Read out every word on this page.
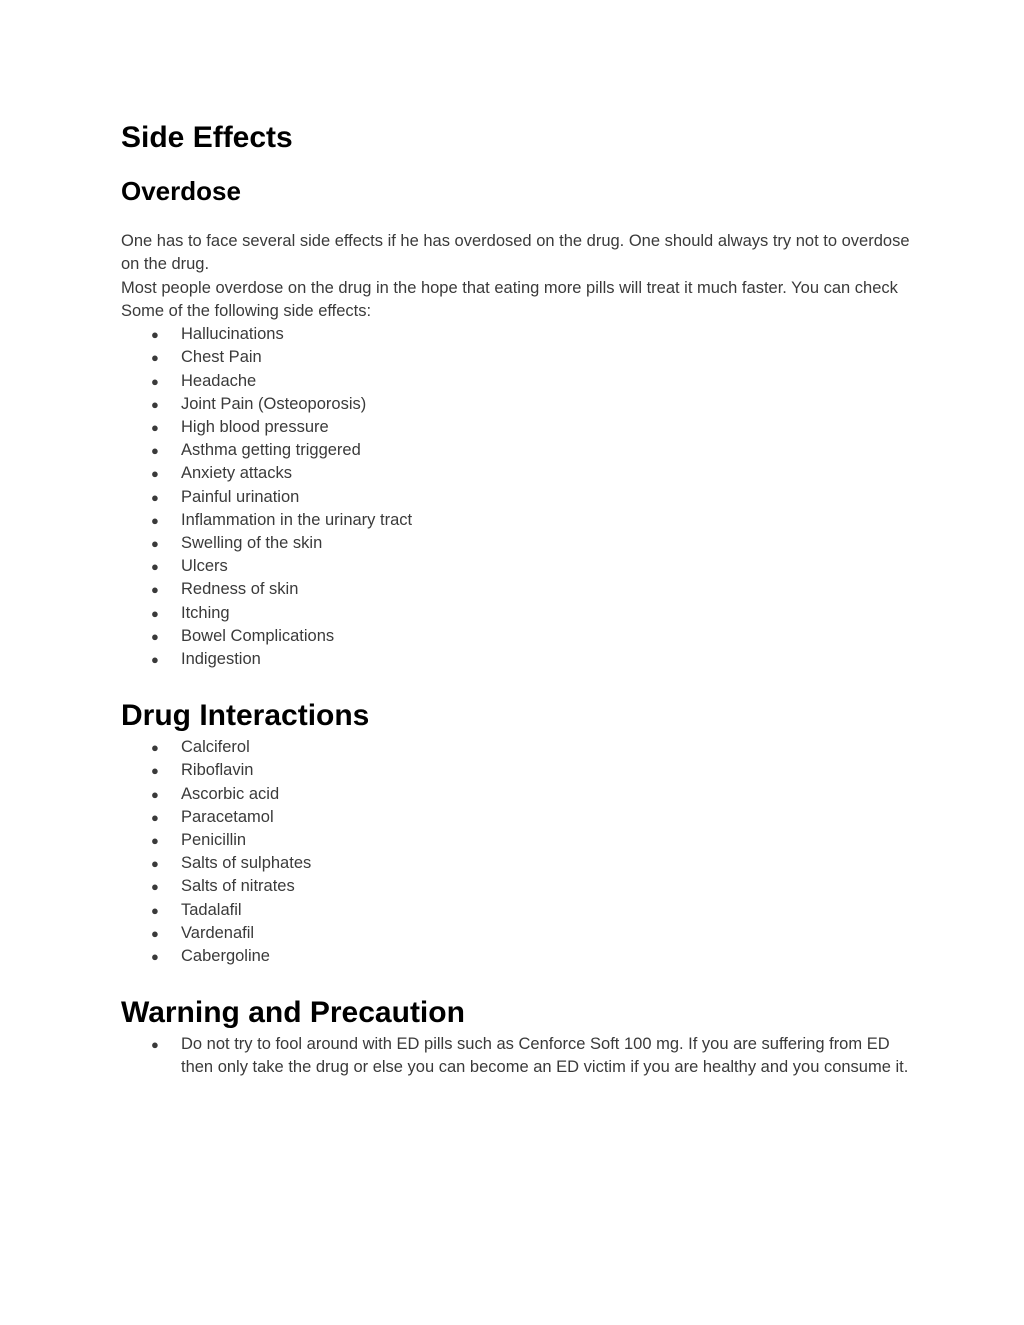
Side Effects
Overdose

One has to face several side effects if he has overdosed on the drug. One should always try not to overdose on the drug.

Most people overdose on the drug in the hope that eating more pills will treat it much faster. You can check Some of the following side effects:

● Hallucinations
● Chest Pain
● Headache
● Joint Pain (Osteoporosis)
● High blood pressure
● Asthma getting triggered
● Anxiety attacks
● Painful urination
● Inflammation in the urinary tract
● Swelling of the skin
● Ulcers
● Redness of skin
● Itching
● Bowel Complications
● Indigestion
Drug Interactions
● Calciferol
● Riboflavin
● Ascorbic acid
● Paracetamol
● Penicillin
● Salts of sulphates
● Salts of nitrates
● Tadalafil
● Vardenafil
● Cabergoline
Warning and Precaution
● Do not try to fool around with ED pills such as Cenforce Soft 100 mg. If you are suffering from ED then only take the drug or else you can become an ED victim if you are healthy and you consume it.
